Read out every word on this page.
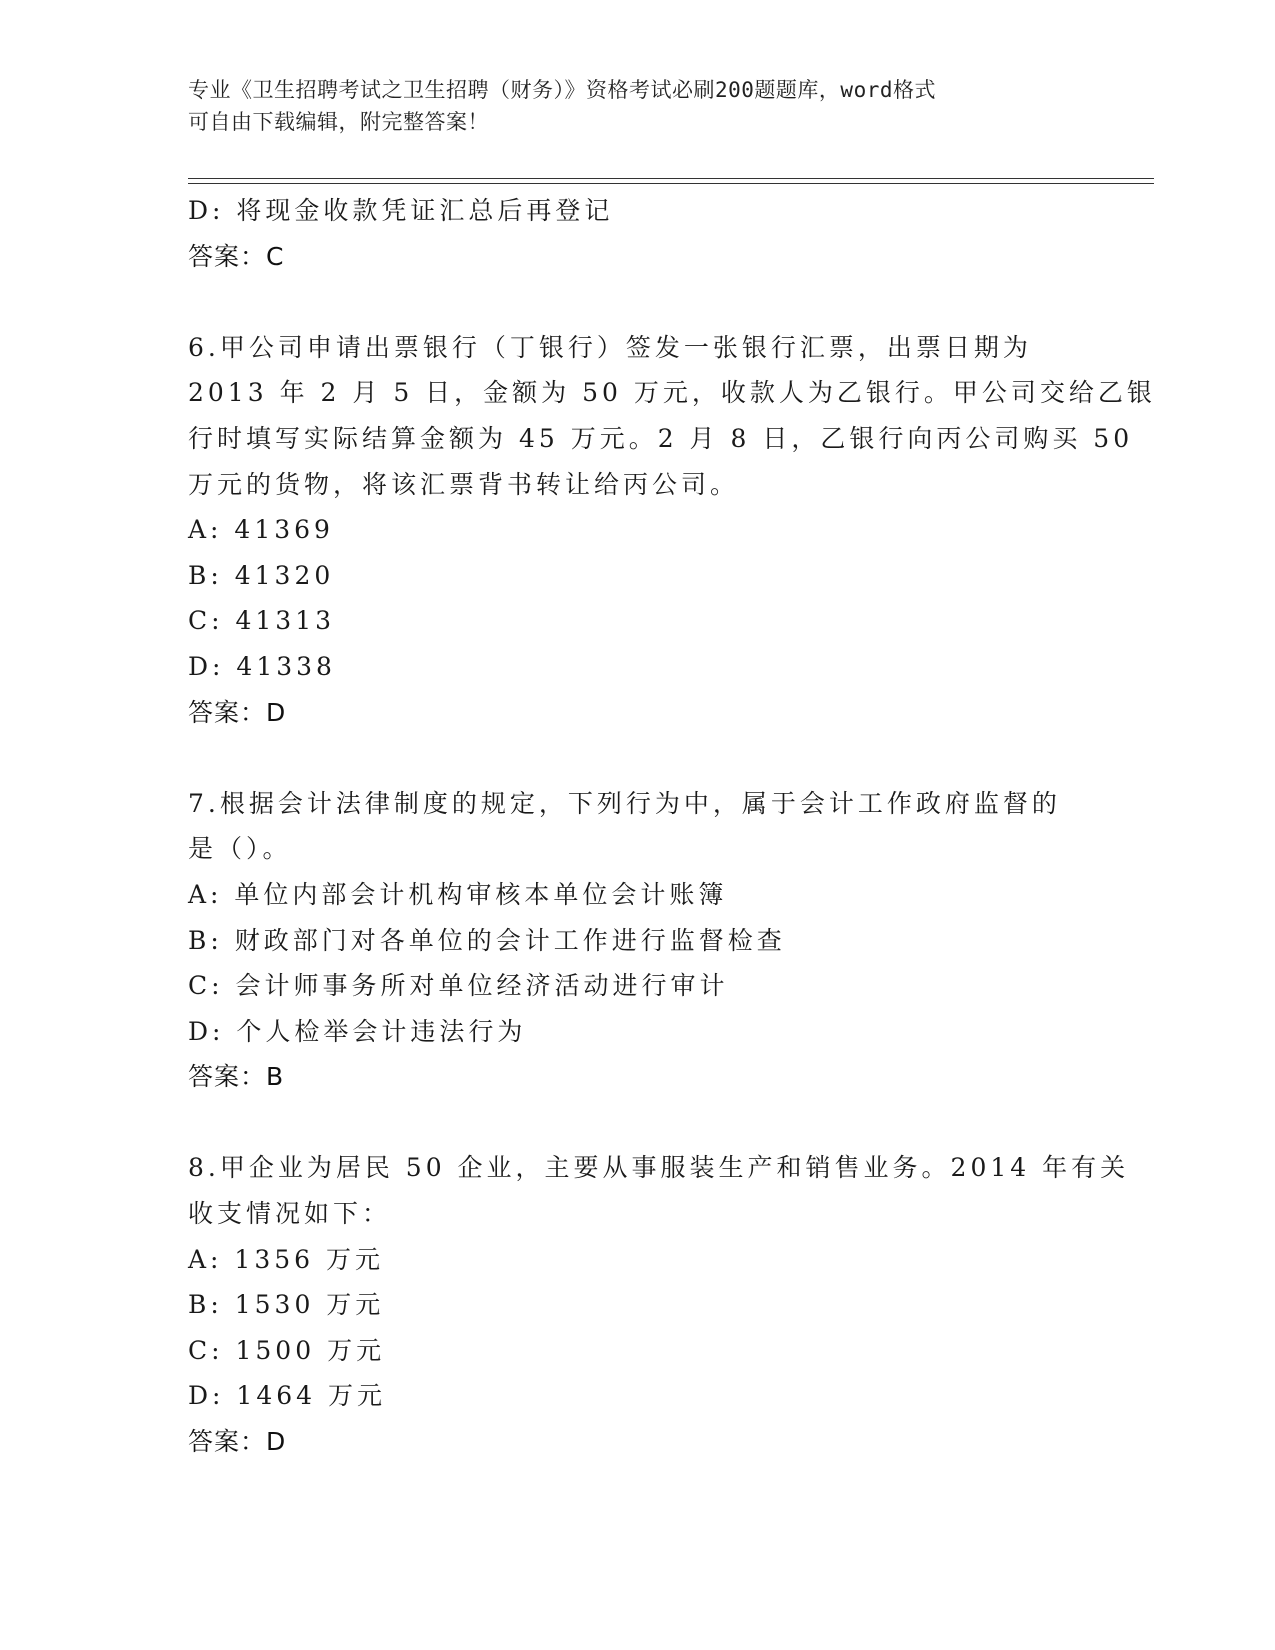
专业《卫生招聘考试之卫生招聘（财务）》资格考试必刷200题题库，word格式
可自由下载编辑，附完整答案！
D: 将现金收款凭证汇总后再登记
答案：C
6.甲公司申请出票银行（丁银行）签发一张银行汇票，出票日期为
2013 年 2 月 5 日，金额为 50 万元，收款人为乙银行。甲公司交给乙银
行时填写实际结算金额为 45 万元。2 月 8 日，乙银行向丙公司购买 50
万元的货物，将该汇票背书转让给丙公司。
A: 41369
B: 41320
C: 41313
D: 41338
答案：D
7.根据会计法律制度的规定，下列行为中，属于会计工作政府监督的
是（）。
A: 单位内部会计机构审核本单位会计账簿
B: 财政部门对各单位的会计工作进行监督检查
C: 会计师事务所对单位经济活动进行审计
D: 个人检举会计违法行为
答案：B
8.甲企业为居民 50 企业，主要从事服装生产和销售业务。2014 年有关
收支情况如下：
A: 1356 万元
B: 1530 万元
C: 1500 万元
D: 1464 万元
答案：D
